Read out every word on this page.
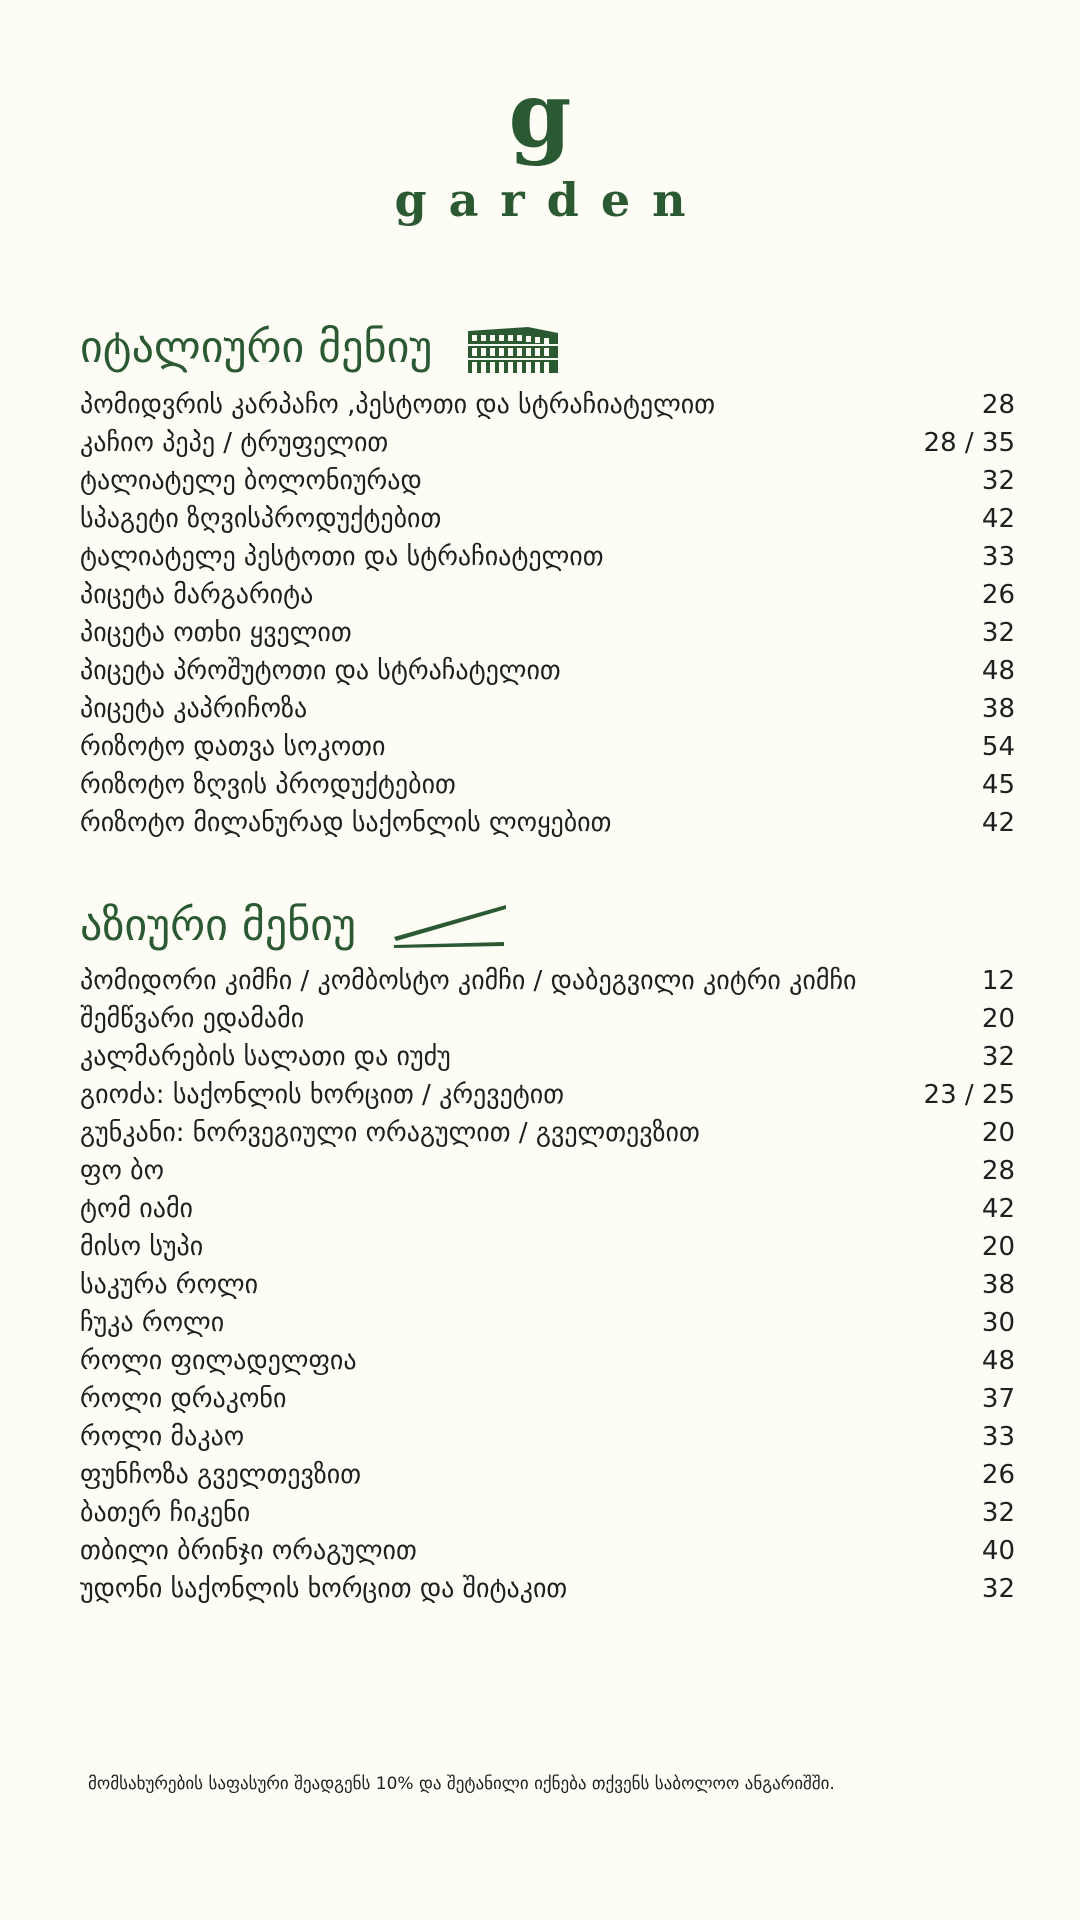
g
garden
იტალიური მენიუ
პომიდვრის კარპაჩო ,პესტოთი და სტრაჩიატელით	28
კაჩიო პეპე / ტრუფელით	28 / 35
ტალიატელე ბოლონიურად	32
სპაგეტი ზღვისპროდუქტებით	42
ტალიატელე პესტოთი და სტრაჩიატელით	33
პიცეტა მარგარიტა	26
პიცეტა ოთხი ყველით	32
პიცეტა პროშუტოთი და სტრაჩატელით	48
პიცეტა კაპრიჩოზა	38
რიზოტო დათვა სოკოთი	54
რიზოტო ზღვის პროდუქტებით	45
რიზოტო მილანურად საქონლის ლოყებით	42
აზიური მენიუ
პომიდორი კიმჩი / კომბოსტო კიმჩი / დაბეგვილი კიტრი კიმჩი	12
შემწვარი ედამამი	20
კალმარების სალათი და იუძუ	32
გიოძა: საქონლის ხორცით / კრევეტით	23 / 25
გუნკანი: ნორვეგიული ორაგულით / გველთევზით	20
ფო ბო	28
ტომ იამი	42
მისო სუპი	20
საკურა როლი	38
ჩუკა როლი	30
როლი ფილადელფია	48
როლი დრაკონი	37
როლი მაკაო	33
ფუნჩოზა გველთევზით	26
ბათერ ჩიკენი	32
თბილი ბრინჯი ორაგულით	40
უდონი საქონლის ხორცით და შიტაკით	32
მომსახურების საფასური შეადგენს 10% და შეტანილი იქნება თქვენს საბოლოო ანგარიშში.
